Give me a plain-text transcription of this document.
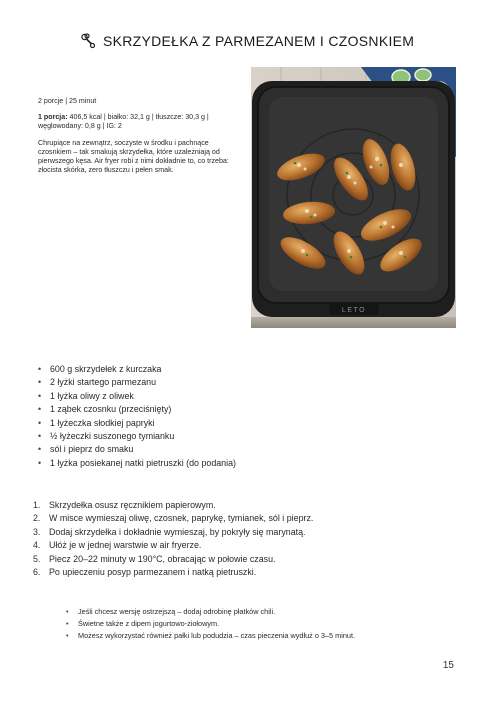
SKRZYDEŁKA Z PARMEZANEM I CZOSNKIEM

2 porcje | 25 minut

1 porcja: 406,5 kcal | białko: 32,1 g | tłuszcze: 30,3 g | węglowodany: 0,8 g | IG: 2

Chrupiące na zewnątrz, soczyste w środku i pachnące czosnkiem – tak smakują skrzydełka, które uzależniają od pierwszego kęsa. Air fryer robi z nimi dokładnie to, co trzeba: złocista skórka, zero tłuszczu i pełen smak.

LETO
• 600 g skrzydełek z kurczaka
• 2 łyżki startego parmezanu
• 1 łyżka oliwy z oliwek
• 1 ząbek czosnku (przeciśnięty)
• 1 łyżeczka słodkiej papryki
• ½ łyżeczki suszonego tymianku
• sól i pieprz do smaku
• 1 łyżka posiekanej natki pietruszki (do podania)
1. Skrzydełka osusz ręcznikiem papierowym.
2. W misce wymieszaj oliwę, czosnek, paprykę, tymianek, sól i pieprz.
3. Dodaj skrzydełka i dokładnie wymieszaj, by pokryły się marynatą.
4. Ułóż je w jednej warstwie w air fryerze.
5. Piecz 20–22 minuty w 190°C, obracając w połowie czasu.
6. Po upieczeniu posyp parmezanem i natką pietruszki.
• Jeśli chcesz wersję ostrzejszą – dodaj odrobinę płatków chili.
• Świetne także z dipem jogurtowo-ziołowym.
• Możesz wykorzystać również pałki lub podudzia – czas pieczenia wydłuż o 3–5 minut.
15
